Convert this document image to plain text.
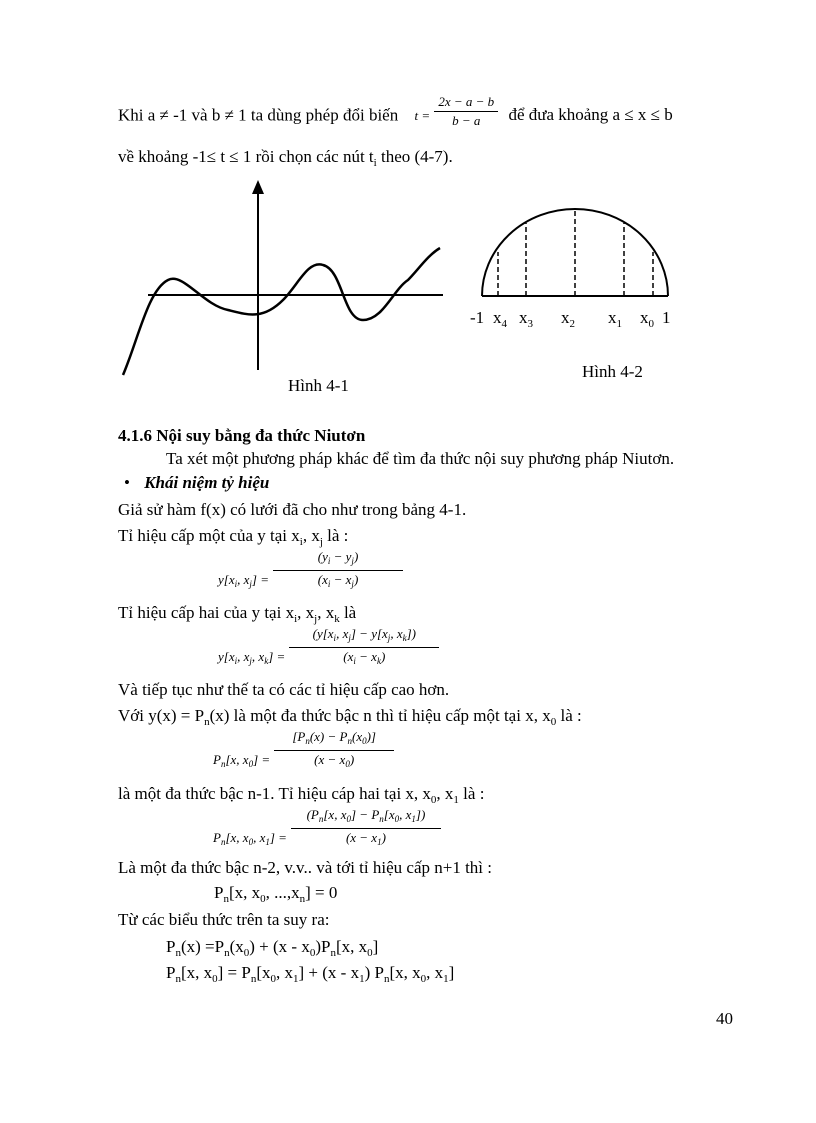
Khi a ≠ -1 và b ≠ 1 ta dùng phép đổi biến $t = \frac{2x - a - b}{b - a}$ để đưa khoảng a ≤ x ≤ b
về khoảng -1≤ t ≤ 1 rồi chọn các nút $t_i$ theo (4-7).
Hình 4-1
-1 $x_4$ $x_3$ $x_2$ $x_1$ $x_0$ 1
Hình 4-2
4.1.6 Nội suy bằng đa thức Niutơn
Ta xét một phương pháp khác để tìm đa thức nội suy phương pháp Niutơn.
• Khái niệm tỷ hiệu
Giả sử hàm f(x) có lưới đã cho như trong bảng 4-1.
Tỉ hiệu cấp một của y tại $x_i$, $x_j$ là :
$_{y[x_i, x_j] =} \frac{(y_i - y_j)}{(x_i - x_j)}$
Tỉ hiệu cấp hai của y tại $x_i$, $x_j$, $x_k$ là
$_{y[x_i, x_j, x_k] =} \frac{(y[x_i, x_j] - y[x_j, x_k])}{(x_i - x_k)}$
Và tiếp tục như thế ta có các tỉ hiệu cấp cao hơn.
Với $y(x) = P_n(x)$ là một đa thức bậc n thì tỉ hiệu cấp một tại x, $x_0$ là :
$_{P_n[x, x_0] =} \frac{[P_n(x) - P_n(x_0)]}{(x - x_0)}$
là một đa thức bậc n-1. Tỉ hiệu cáp hai tại x, $x_0$, $x_1$ là :
$_{P_n[x, x_0, x_1] =} \frac{(P_n[x, x_0] - P_n[x_0, x_1])}{(x - x_1)}$
Là một đa thức bậc n-2, v.v.. và tới tỉ hiệu cấp n+1 thì :
$P_n[x$, $x_0$, $...,x_n] = 0$
Từ các biểu thức trên ta suy ra:
$P_n(x) =P_n(x_0) + (x - x_0)P_n[x$, $x_0$]
$P_n[x$, $x_0] = P_n[x_0$, $x_1] + (x - x_1)$ $P_n[x$, $x_0$, $x_1$]
40
